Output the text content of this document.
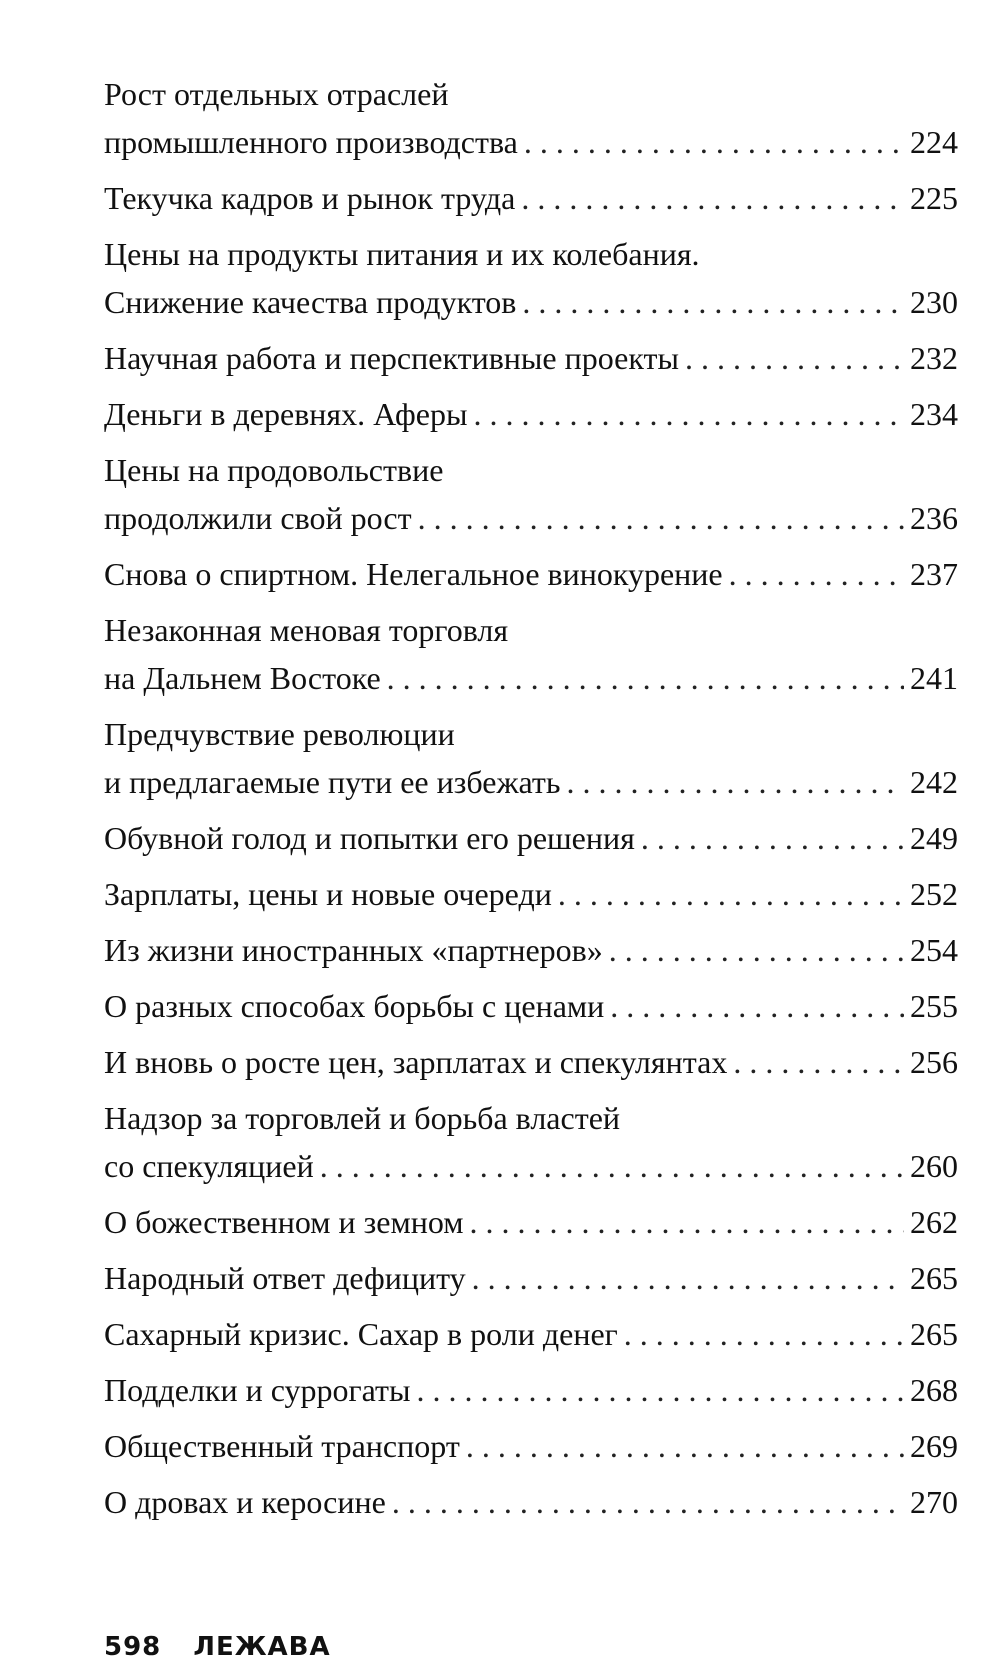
Рост отдельных отраслей
промышленного производства . . .	224
Текучка кадров и рынок труда . . .	225
Цены на продукты питания и их колебания.
Снижение качества продуктов . . .	230
Научная работа и перспективные проекты . . .	232
Деньги в деревнях. Аферы . . .	234
Цены на продовольствие
продолжили свой рост . . .	236
Снова о спиртном. Нелегальное винокурение . . .	237
Незаконная меновая торговля
на Дальнем Востоке . . .	241
Предчувствие революции
и предлагаемые пути ее избежать . . .	242
Обувной голод и попытки его решения . . .	249
Зарплаты, цены и новые очереди . . .	252
Из жизни иностранных «партнеров» . . .	254
О разных способах борьбы с ценами . . .	255
И вновь о росте цен, зарплатах и спекулянтах . . .	256
Надзор за торговлей и борьба властей
со спекуляцией . . .	260
О божественном и земном . . .	262
Народный ответ дефициту . . .	265
Сахарный кризис. Сахар в роли денег . . .	265
Подделки и суррогаты . . .	268
Общественный транспорт . . .	269
О дровах и керосине . . .	270
598 ЛЕЖАВА
